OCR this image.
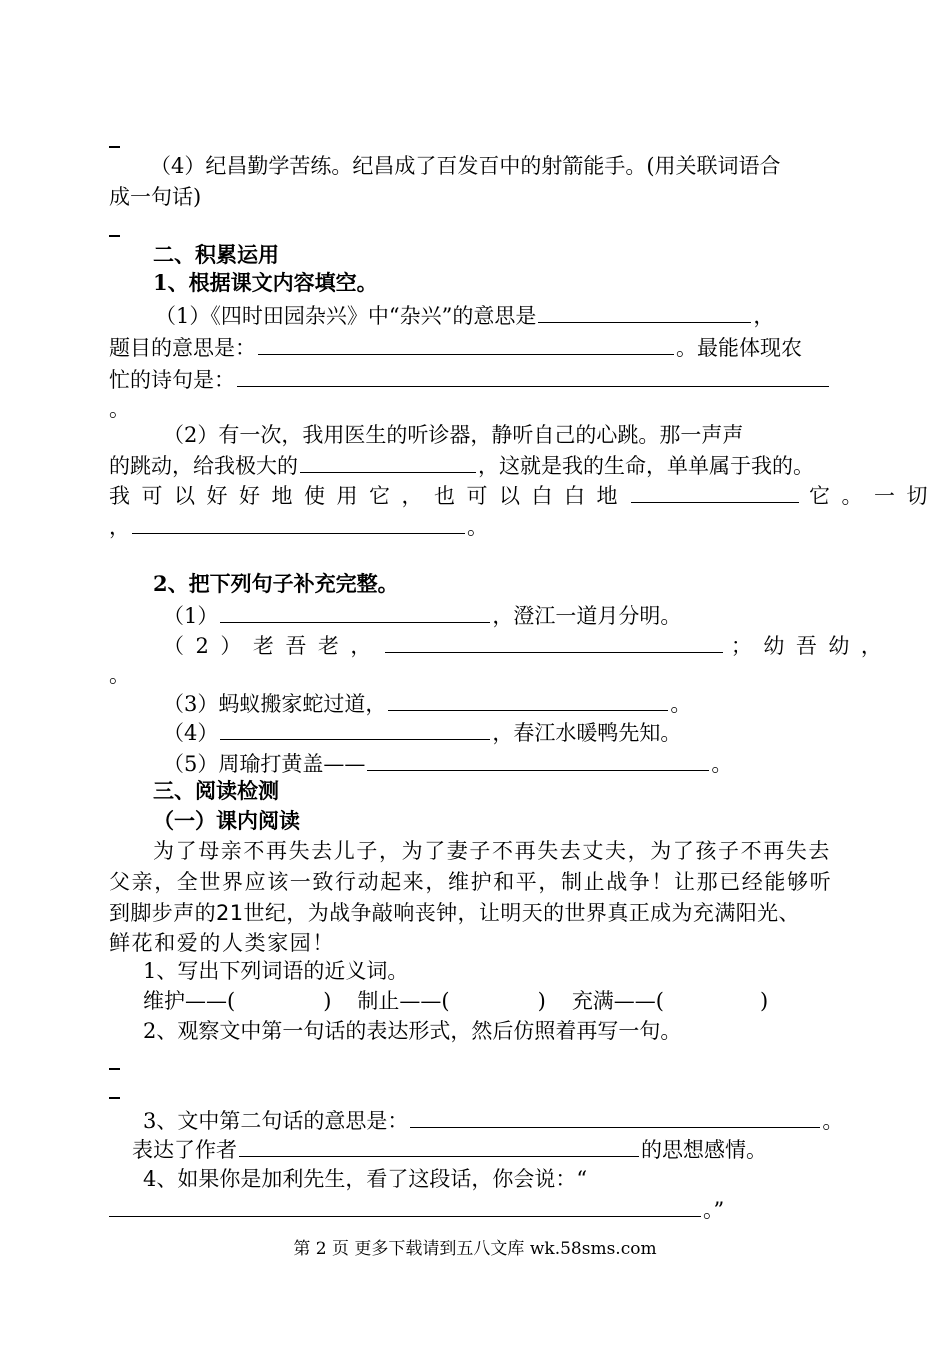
（4）纪昌勤学苦练。纪昌成了百发百中的射箭能手。(用关联词语合
成一句话)
二、积累运用
1、根据课文内容填空。
（1）《四时田园杂兴》中“杂兴”的意思是	，
题目的意思是：	。最能体现农
忙的诗句是：
。
（2）有一次，我用医生的听诊器，静听自己的心跳。那一声声
的跳动，给我极大的	，这就是我的生命，单单属于我的。
我可以好好地使用它，也可以白白地	它。一切
，	。
2、把下列句子补充完整。
（1）	，澄江一道月分明。
（2）老吾老，	；幼吾幼，
。
（3）蚂蚁搬家蛇过道，	。
（4）	，春江水暖鸭先知。
（5）周瑜打黄盖——	。
三、阅读检测
（一）课内阅读
为了母亲不再失去儿子，为了妻子不再失去丈夫，为了孩子不再失去
父亲，全世界应该一致行动起来，维护和平，制止战争！让那已经能够听
到脚步声的21世纪，为战争敲响丧钟，让明天的世界真正成为充满阳光、
鲜花和爱的人类家园！
1、写出下列词语的近义词。
维护——(	) 制止——(	) 充满——(	)
2、观察文中第一句话的表达形式，然后仿照着再写一句。
3、文中第二句话的意思是：	。
表达了作者	的思想感情。
4、如果你是加利先生，看了这段话，你会说：“
。”
第 2 页 更多下载请到五八文库 wk.58sms.com
